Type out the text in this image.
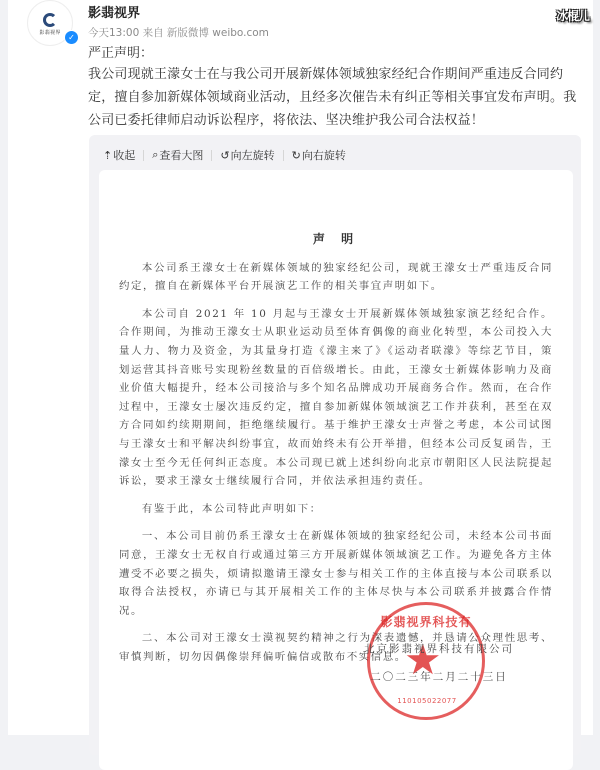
影翡视界 ✓
影翡视界
今天13:00 来自 新版微博 weibo.com
冰棍儿
严正声明：
我公司现就王濛女士在与我公司开展新媒体领域独家经纪合作期间严重违反合同约定，擅自参加新媒体领域商业活动，且经多次催告未有纠正等相关事宜发布声明。我公司已委托律师启动诉讼程序，将依法、坚决维护我公司合法权益！
⇡ 收起 ⌕ 查看大图 ↺ 向左旋转 ↻ 向右旋转
声 明

本公司系王濛女士在新媒体领域的独家经纪公司，现就王濛女士严重违反合同约定，擅自在新媒体平台开展演艺工作的相关事宜声明如下。

本公司自 2021 年 10 月起与王濛女士开展新媒体领域独家演艺经纪合作。合作期间，为推动王濛女士从职业运动员至体育偶像的商业化转型，本公司投入大量人力、物力及资金，为其量身打造《濛主来了》《运动者联濛》等综艺节目，策划运营其抖音账号实现粉丝数量的百倍级增长。由此，王濛女士新媒体影响力及商业价值大幅提升，经本公司接洽与多个知名品牌成功开展商务合作。然而，在合作过程中，王濛女士屡次违反约定，擅自参加新媒体领域演艺工作并获利，甚至在双方合同如约续期期间，拒绝继续履行。基于维护王濛女士声誉之考虑，本公司试图与王濛女士和平解决纠纷事宜，故而始终未有公开举措，但经本公司反复函告，王濛女士至今无任何纠正态度。本公司现已就上述纠纷向北京市朝阳区人民法院提起诉讼，要求王濛女士继续履行合同，并依法承担违约责任。

有鉴于此，本公司特此声明如下：

一、本公司目前仍系王濛女士在新媒体领域的独家经纪公司，未经本公司书面同意，王濛女士无权自行或通过第三方开展新媒体领域演艺工作。为避免各方主体遭受不必要之损失，烦请拟邀请王濛女士参与相关工作的主体直接与本公司联系以取得合法授权，亦请已与其开展相关工作的主体尽快与本公司联系并披露合作情况。

二、本公司对王濛女士漠视契约精神之行为深表遗憾，并恳请公众理性思考、审慎判断，切勿因偶像崇拜偏听偏信或散布不实信息。

影翡视界科技有
★
110105022077
北京影翡视界科技有限公司
二〇二三年二月二十三日
